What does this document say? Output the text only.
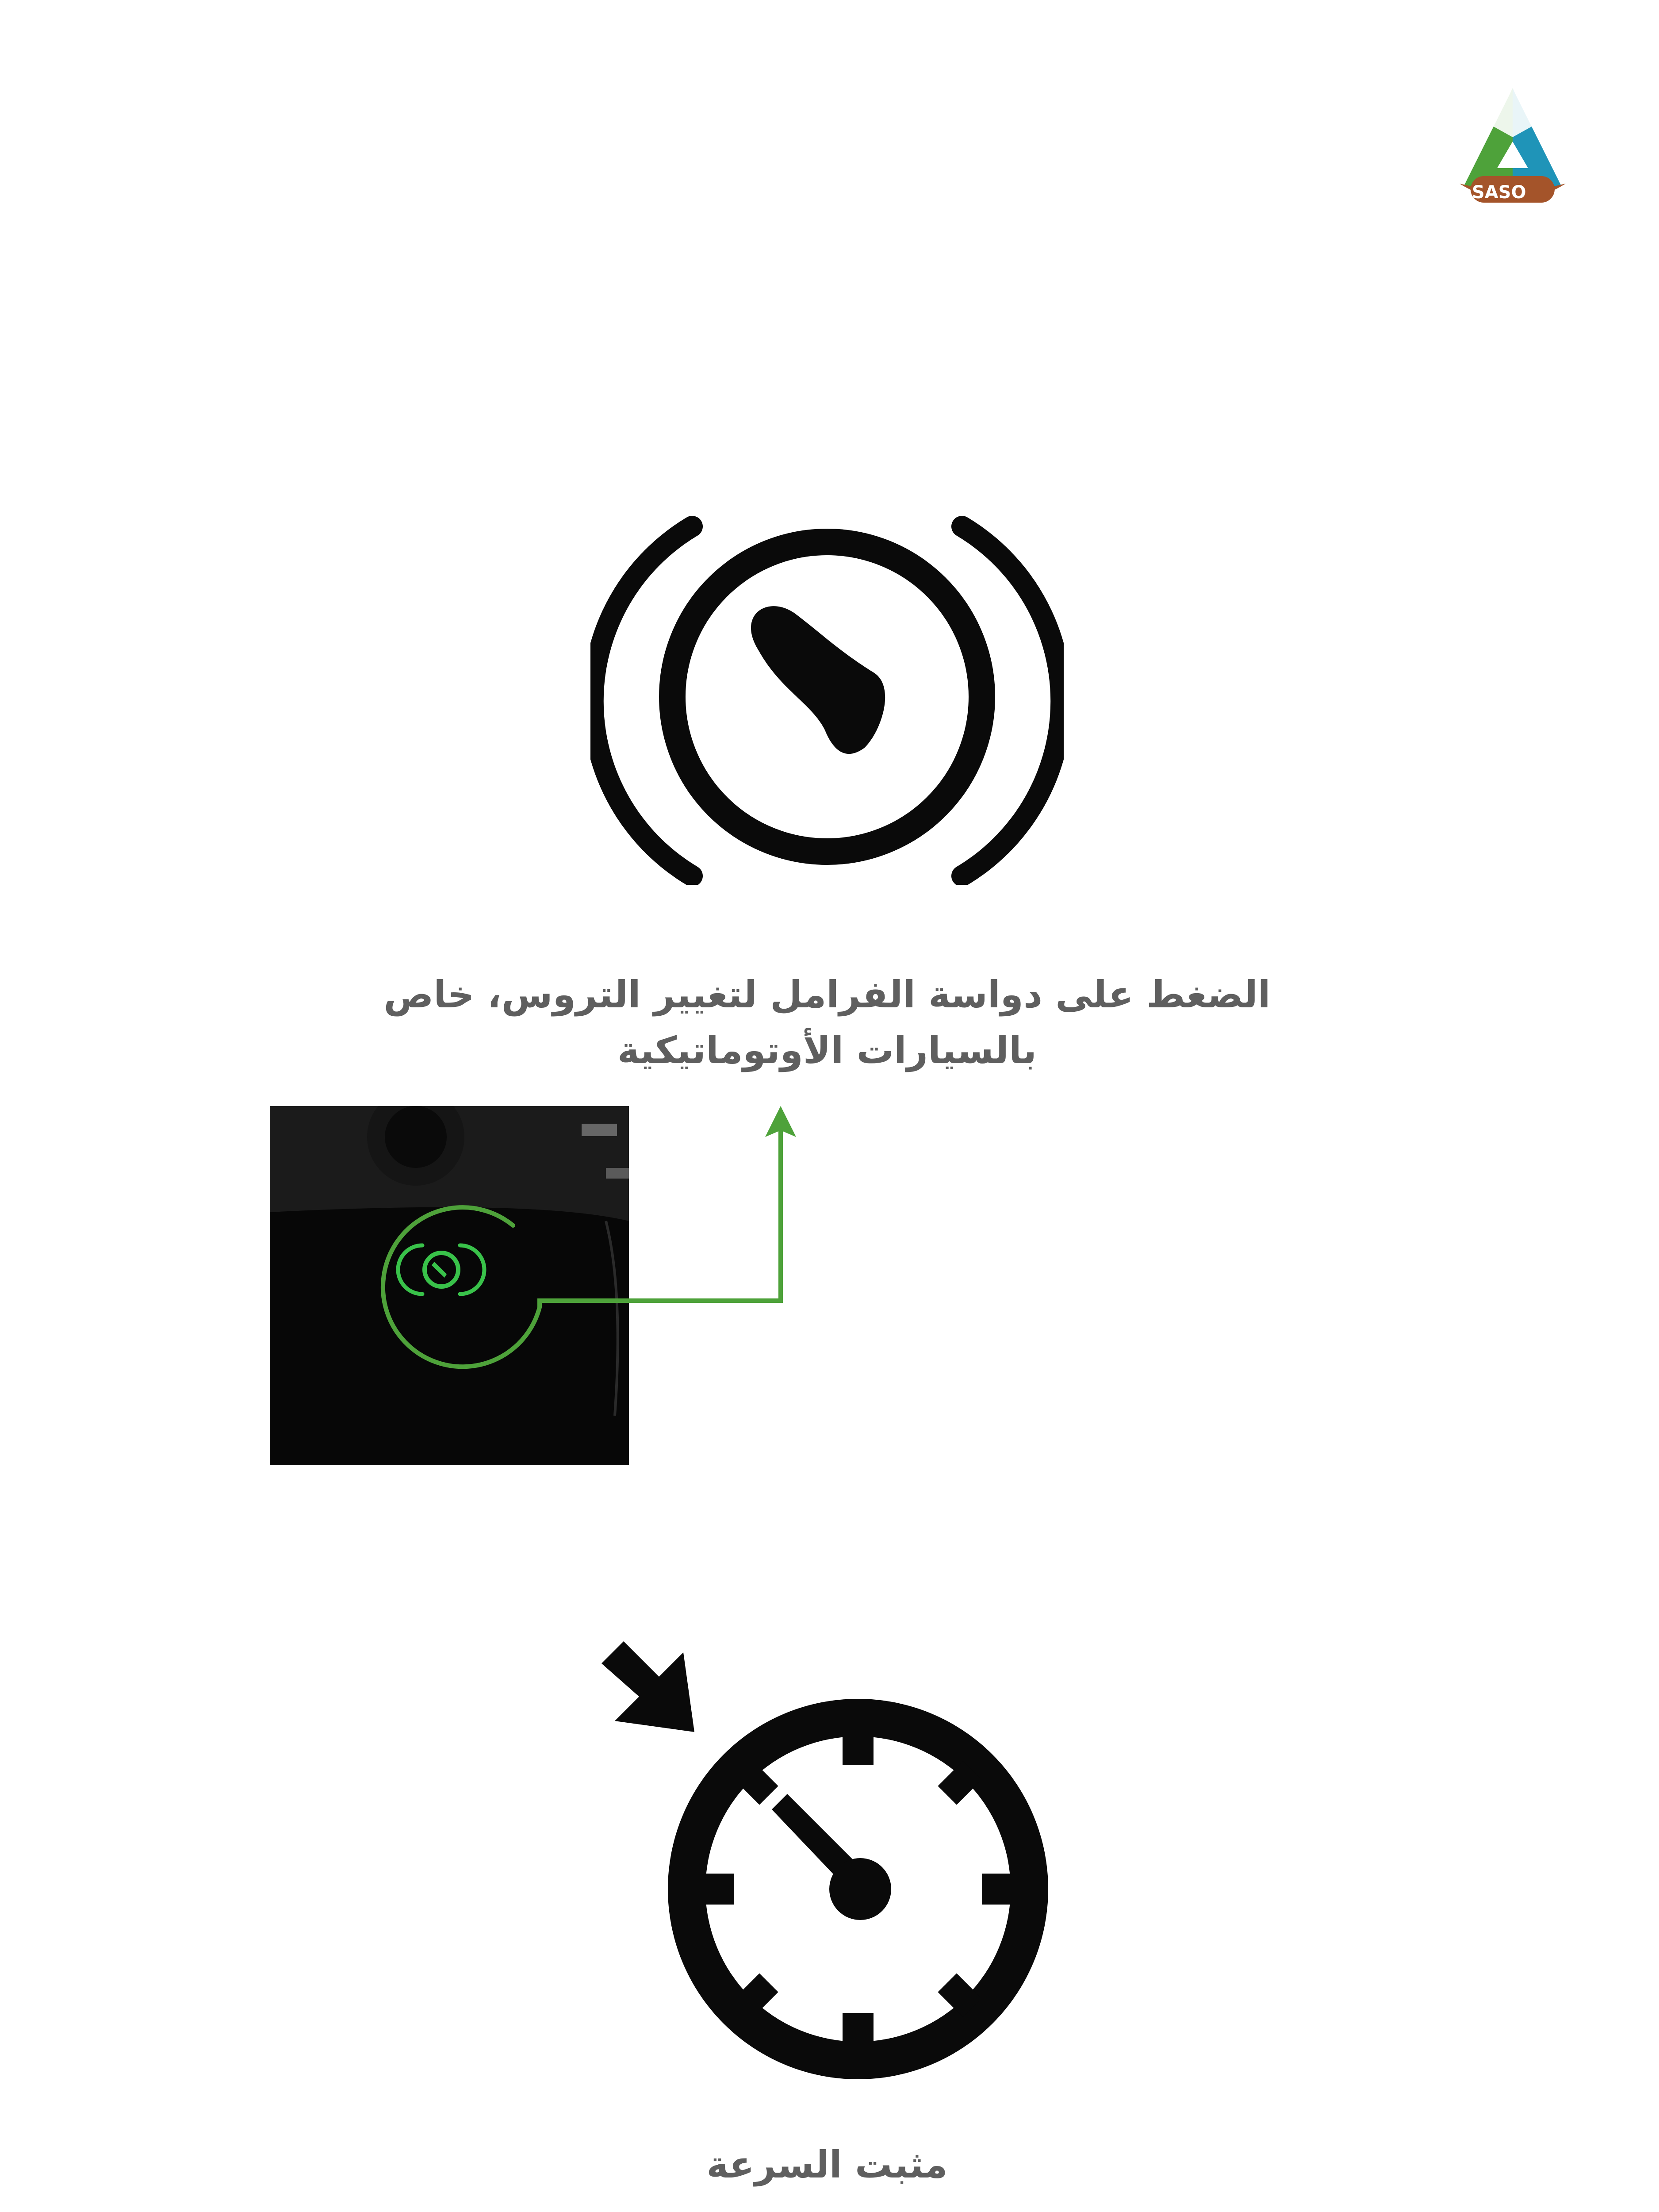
SASO
الضغط على دواسة الفرامل لتغيير التروس، خاص
بالسيارات الأوتوماتيكية
مثبت السرعة
